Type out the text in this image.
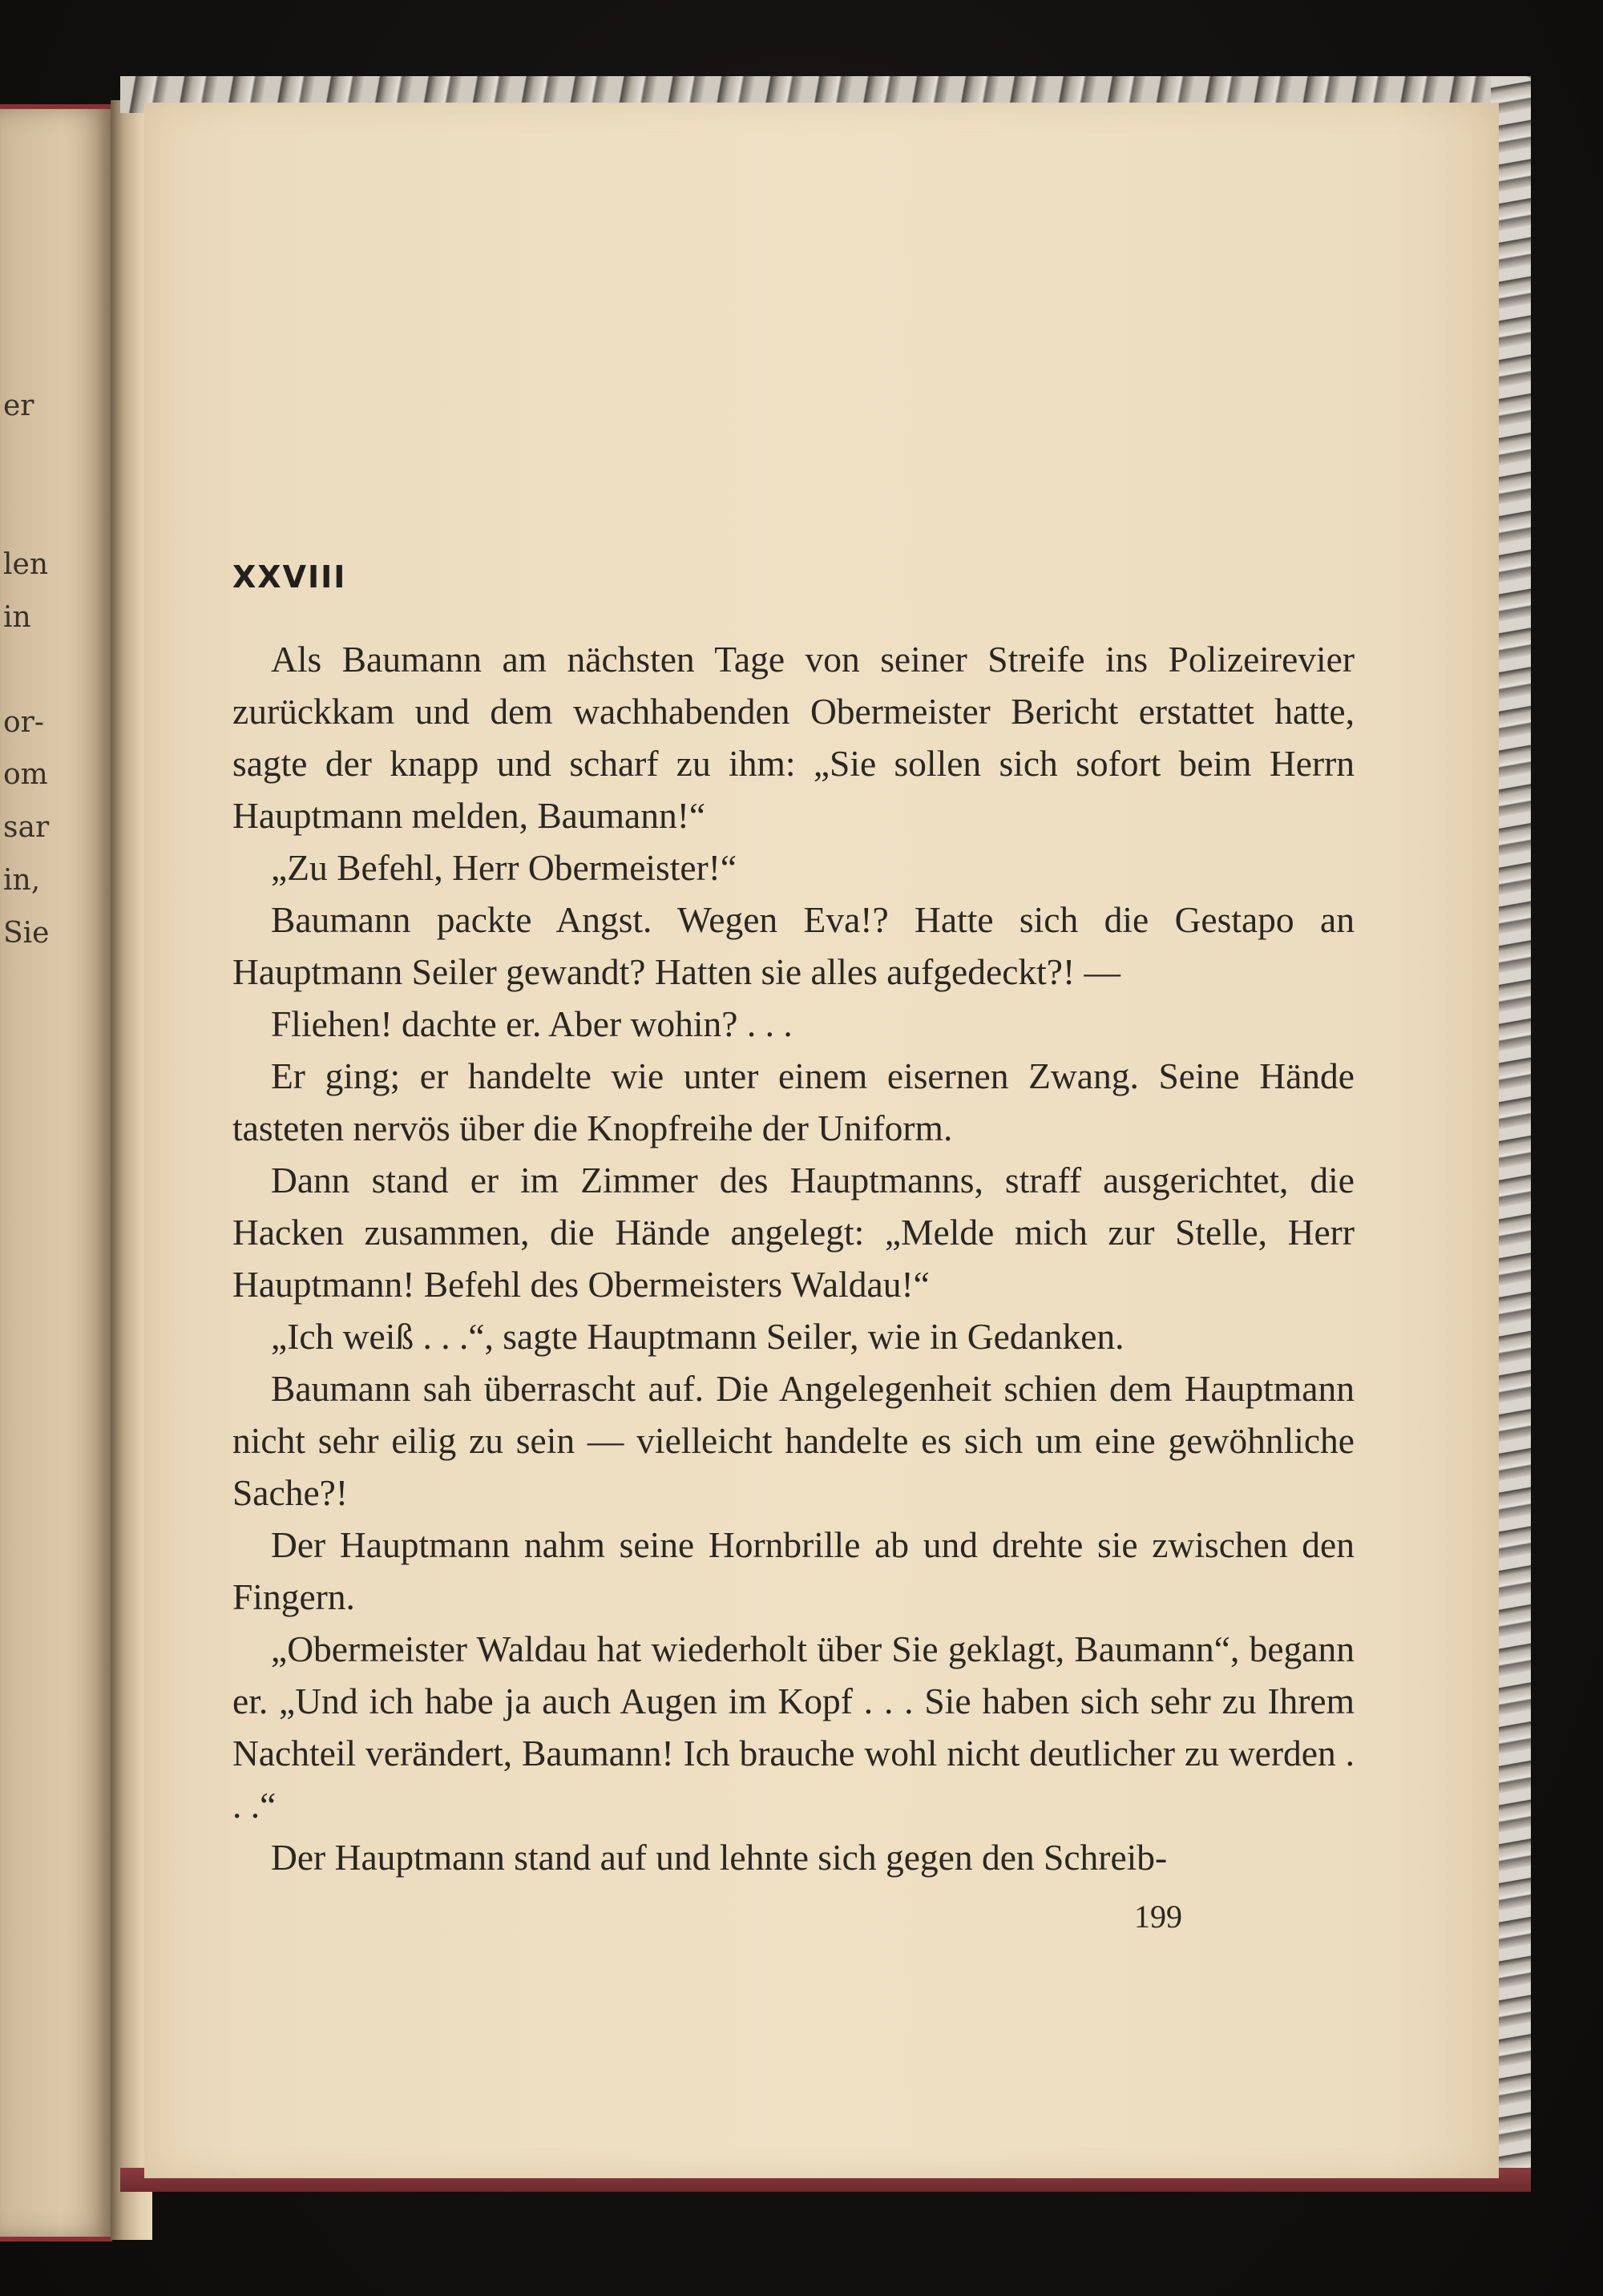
er
len
in
or-
om
sar
in,
Sie
XXVIII

Als Baumann am nächsten Tage von seiner Streife ins Polizeirevier zurückkam und dem wachhabenden Obermeister Bericht erstattet hatte, sagte der knapp und scharf zu ihm: „Sie sollen sich sofort beim Herrn Hauptmann melden, Baumann!“

„Zu Befehl, Herr Obermeister!“

Baumann packte Angst. Wegen Eva!? Hatte sich die Gestapo an Hauptmann Seiler gewandt? Hatten sie alles aufgedeckt?! —

Fliehen! dachte er. Aber wohin? . . .

Er ging; er handelte wie unter einem eisernen Zwang. Seine Hände tasteten nervös über die Knopfreihe der Uniform.

Dann stand er im Zimmer des Hauptmanns, straff ausgerichtet, die Hacken zusammen, die Hände angelegt: „Melde mich zur Stelle, Herr Hauptmann! Befehl des Obermeisters Waldau!“

„Ich weiß . . .“, sagte Hauptmann Seiler, wie in Gedanken.

Baumann sah überrascht auf. Die Angelegenheit schien dem Hauptmann nicht sehr eilig zu sein — vielleicht handelte es sich um eine gewöhnliche Sache?!

Der Hauptmann nahm seine Hornbrille ab und drehte sie zwischen den Fingern.

„Obermeister Waldau hat wiederholt über Sie geklagt, Baumann“, begann er. „Und ich habe ja auch Augen im Kopf . . . Sie haben sich sehr zu Ihrem Nachteil verändert, Baumann! Ich brauche wohl nicht deutlicher zu werden . . .“

Der Hauptmann stand auf und lehnte sich gegen den Schreib-

199
